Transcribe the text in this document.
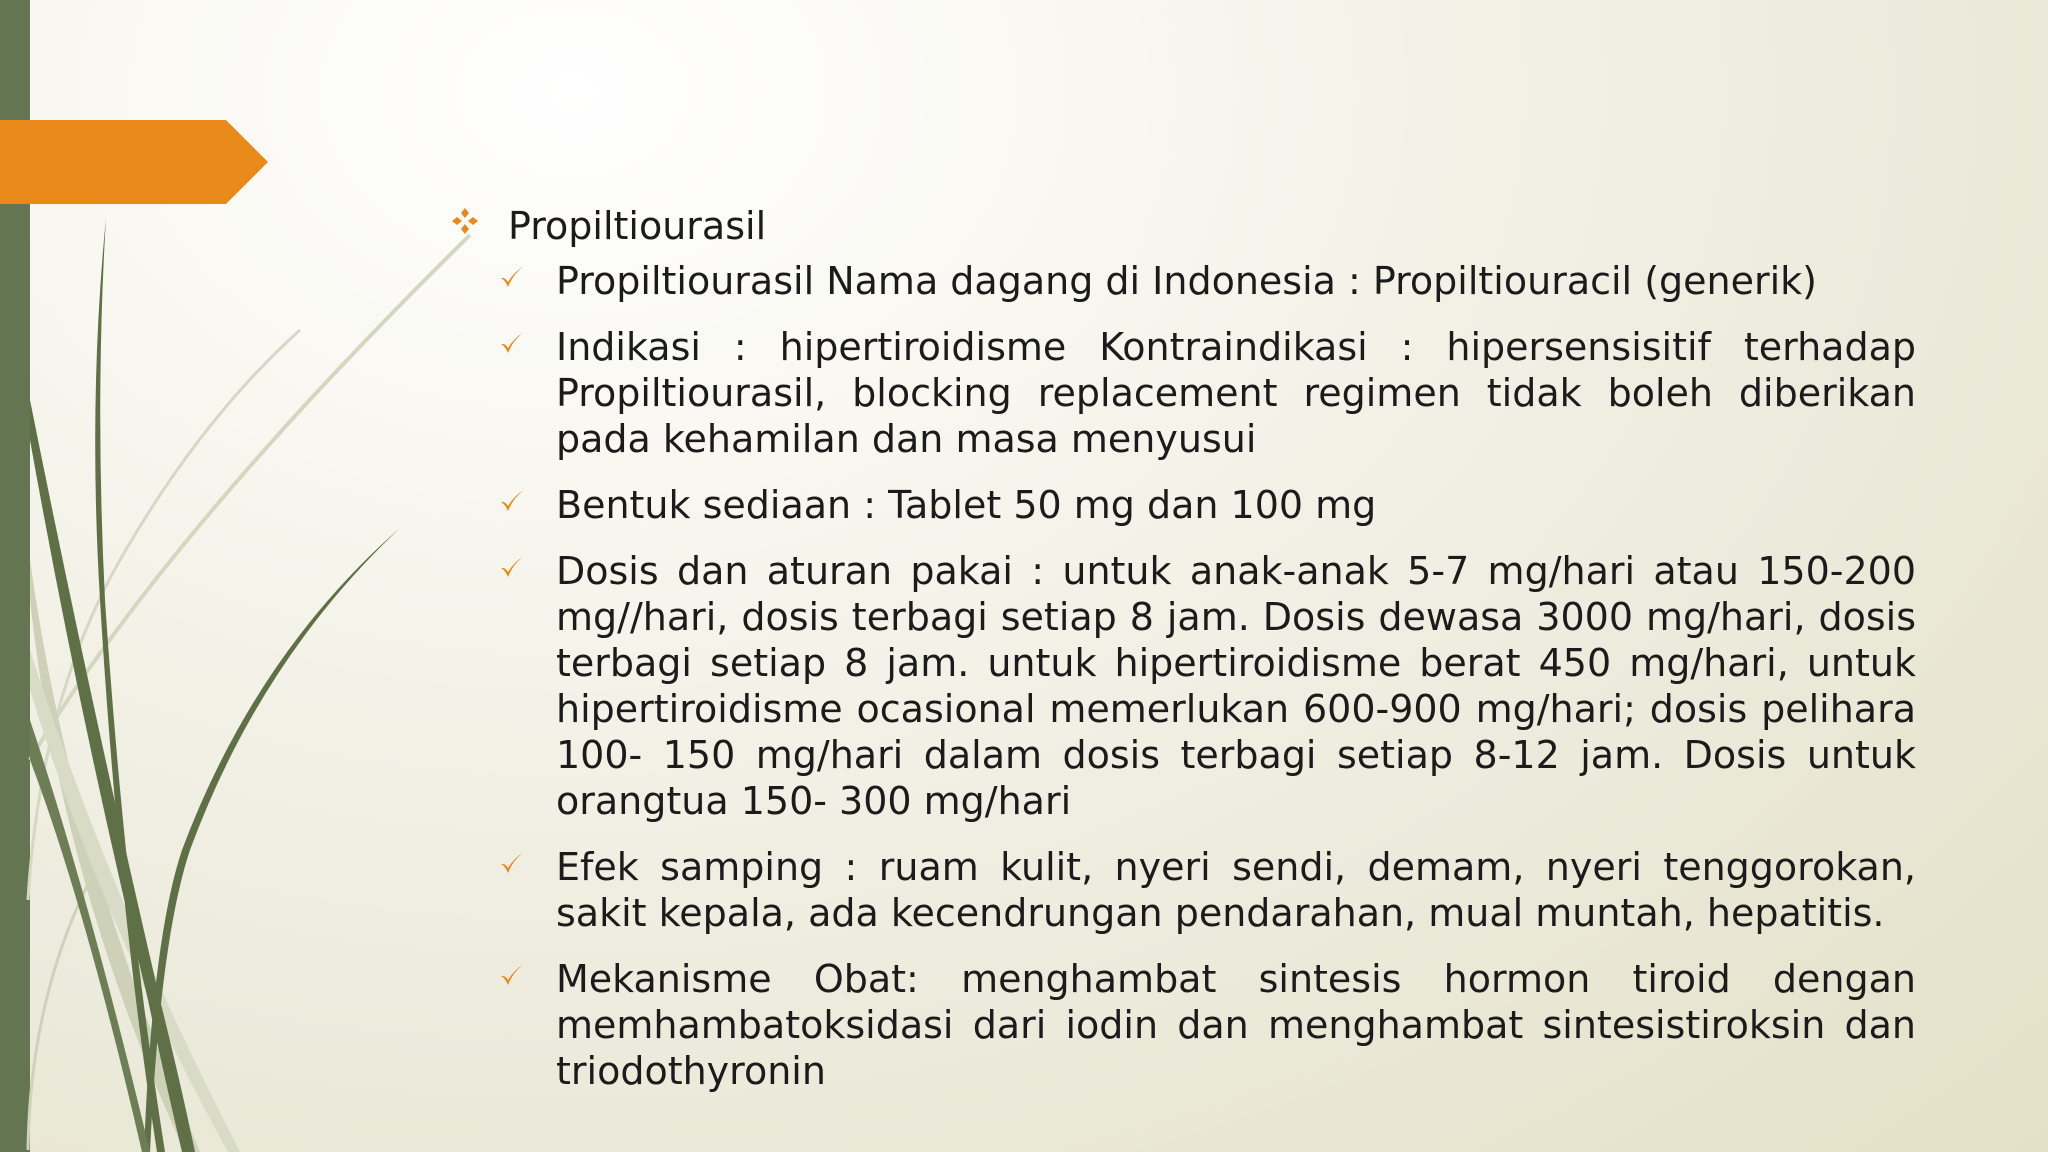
Propiltiourasil
Propiltiourasil Nama dagang di Indonesia : Propiltiouracil (generik)
Indikasi : hipertiroidisme Kontraindikasi : hipersensisitif terhadap Propiltiourasil, blocking replacement regimen tidak boleh diberikan pada kehamilan dan masa menyusui
Bentuk sediaan : Tablet 50 mg dan 100 mg
Dosis dan aturan pakai : untuk anak-anak 5-7 mg/hari atau 150-200 mg//hari, dosis terbagi setiap 8 jam. Dosis dewasa 3000 mg/hari, dosis terbagi setiap 8 jam. untuk hipertiroidisme berat 450 mg/hari, untuk hipertiroidisme ocasional memerlukan 600-900 mg/hari; dosis pelihara 100- 150 mg/hari dalam dosis terbagi setiap 8-12 jam. Dosis untuk orangtua 150- 300 mg/hari
Efek samping : ruam kulit, nyeri sendi, demam, nyeri tenggorokan, sakit kepala, ada kecendrungan pendarahan, mual muntah, hepatitis.
Mekanisme Obat: menghambat sintesis hormon tiroid dengan memhambatoksidasi dari iodin dan menghambat sintesistiroksin dan triodothyronin
